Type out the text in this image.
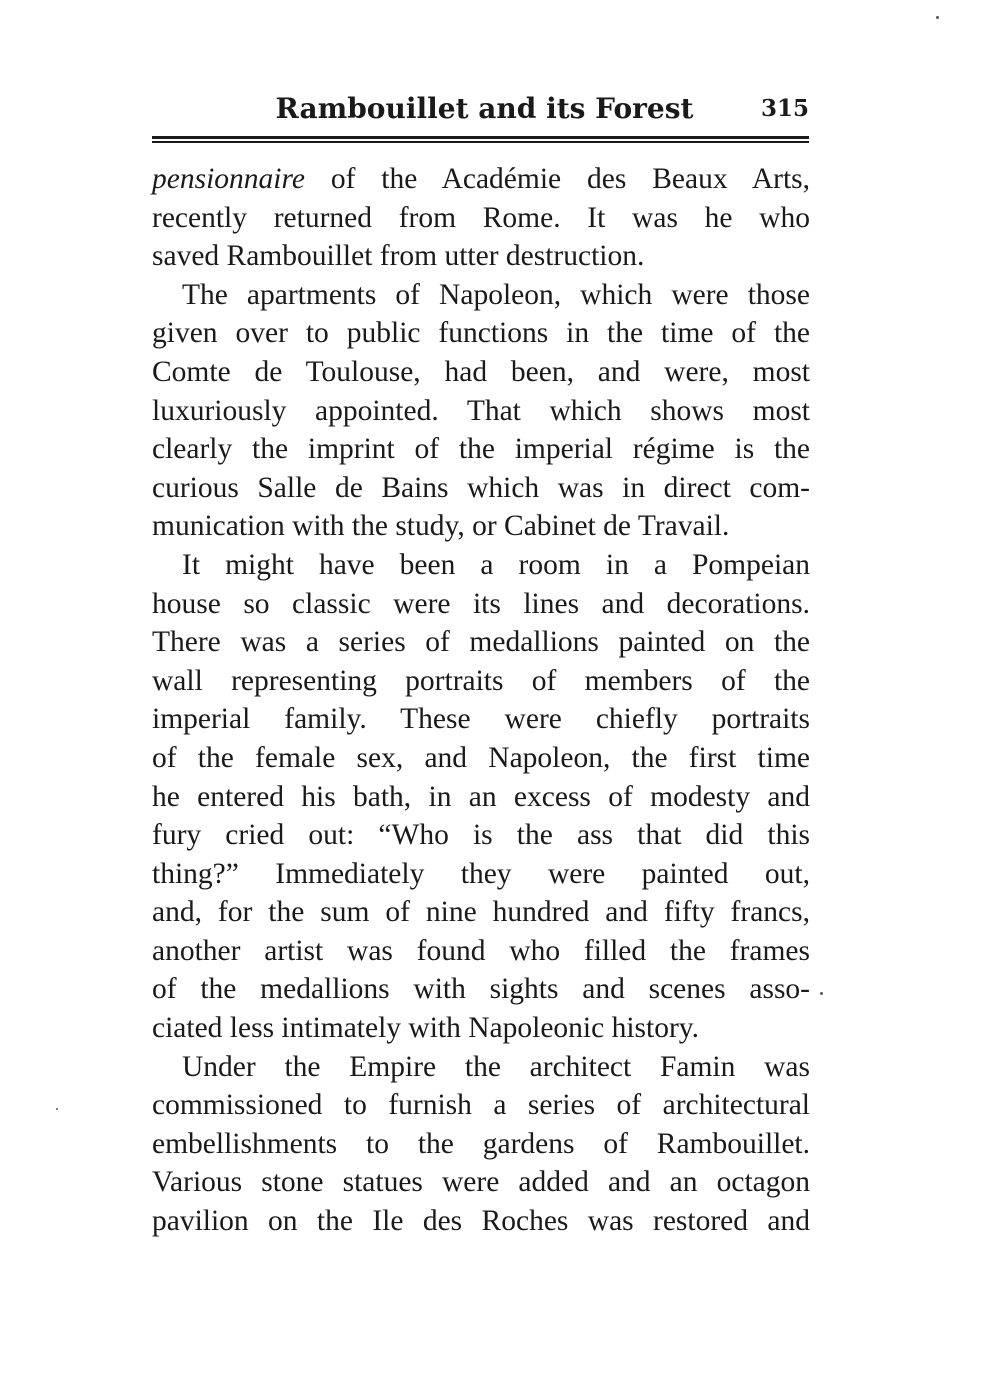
Rambouillet and its Forest	315

pensionnaire of the Académie des Beaux Arts,
recently returned from Rome. It was he who
saved Rambouillet from utter destruction.

The apartments of Napoleon, which were those
given over to public functions in the time of the
Comte de Toulouse, had been, and were, most
luxuriously appointed. That which shows most
clearly the imprint of the imperial régime is the
curious Salle de Bains which was in direct com-
munication with the study, or Cabinet de Travail.

It might have been a room in a Pompeian
house so classic were its lines and decorations.
There was a series of medallions painted on the
wall representing portraits of members of the
imperial family. These were chiefly portraits
of the female sex, and Napoleon, the first time
he entered his bath, in an excess of modesty and
fury cried out: “Who is the ass that did this
thing?” Immediately they were painted out,
and, for the sum of nine hundred and fifty francs,
another artist was found who filled the frames
of the medallions with sights and scenes asso-
ciated less intimately with Napoleonic history.

Under the Empire the architect Famin was
commissioned to furnish a series of architectural
embellishments to the gardens of Rambouillet.
Various stone statues were added and an octagon
pavilion on the Ile des Roches was restored and
